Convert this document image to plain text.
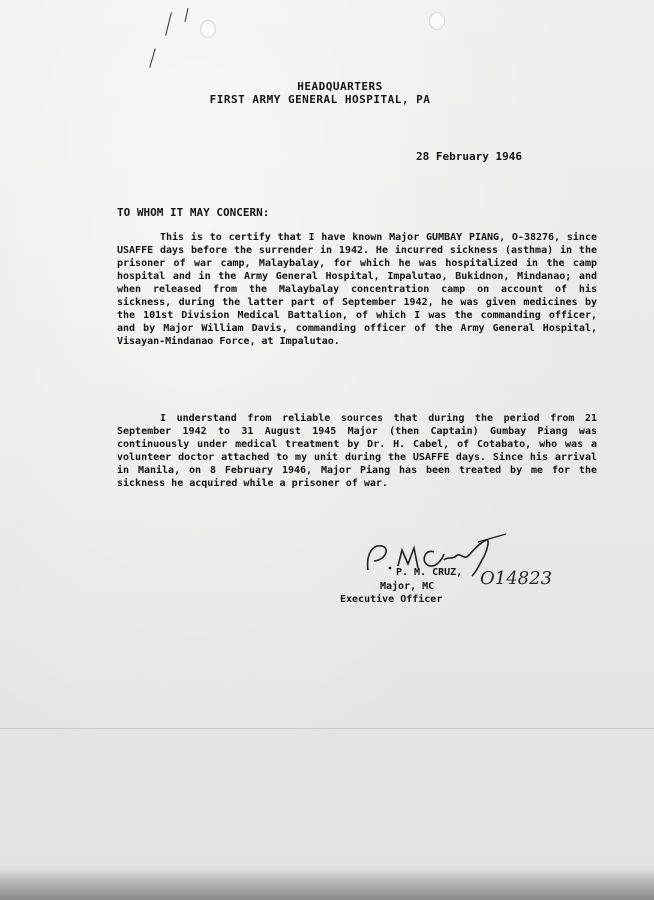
HEADQUARTERS
FIRST ARMY GENERAL HOSPITAL, PA
28 February 1946
TO WHOM IT MAY CONCERN:

This is to certify that I have known Major GUMBAY PIANG, O-38276, since USAFFE days before the surrender in 1942. He incurred sickness (asthma) in the prisoner of war camp, Malaybalay, for which he was hospitalized in the camp hospital and in the Army General Hospital, Impalutao, Bukidnon, Mindanao; and when released from the Malaybalay concentration camp on account of his sickness, during the latter part of September 1942, he was given medicines by the 101st Division Medical Battalion, of which I was the commanding officer, and by Major William Davis, commanding officer of the Army General Hospital, Visayan-Mindanao Force, at Impalutao.

I understand from reliable sources that during the period from 21 September 1942 to 31 August 1945 Major (then Captain) Gumbay Piang was continuously under medical treatment by Dr. H. Cabel, of Cotabato, who was a volunteer doctor attached to my unit during the USAFFE days. Since his arrival in Manila, on 8 February 1946, Major Piang has been treated by me for the sickness he acquired while a prisoner of war.

P. M. CRUZ,
Major, MC
Executive Officer
O14823
